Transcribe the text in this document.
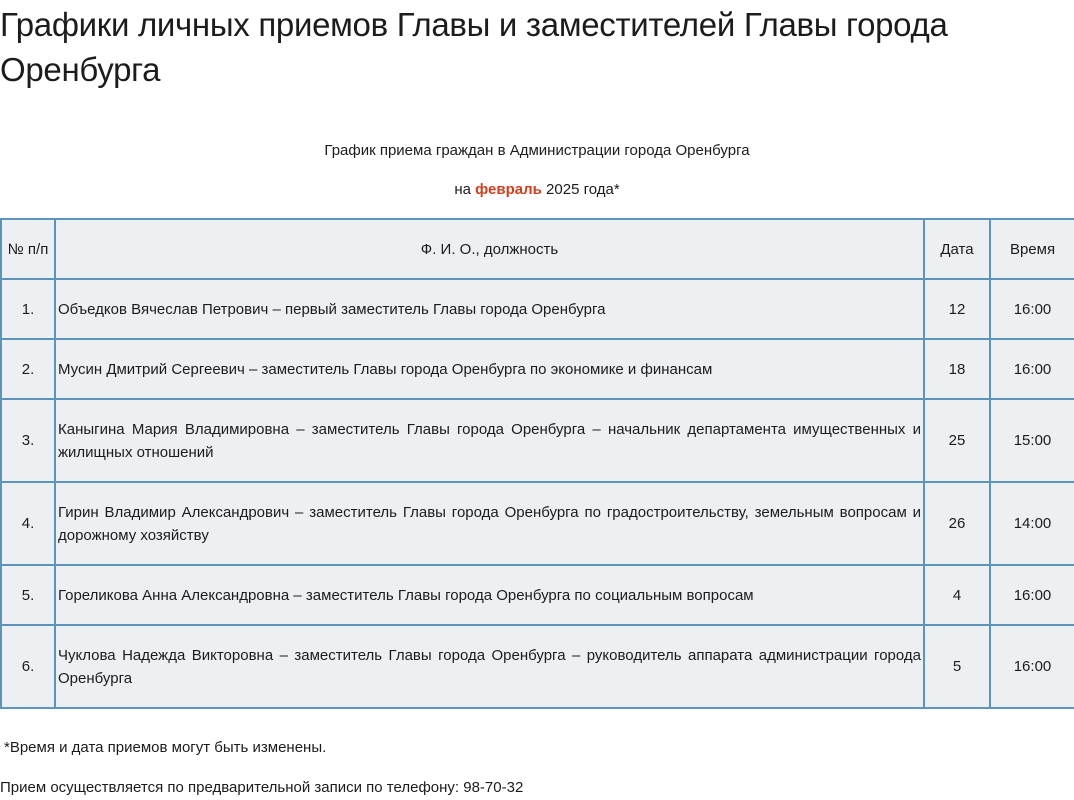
Графики личных приемов Главы и заместителей Главы города Оренбурга
График приема граждан в Администрации города Оренбурга
на февраль 2025 года*
№ п/п	Ф. И. О., должность	Дата	Время
1.	Объедков Вячеслав Петрович – первый заместитель Главы города Оренбурга	12	16:00
2.	Мусин Дмитрий Сергеевич – заместитель Главы города Оренбурга по экономике и финансам	18	16:00
3.	Каныгина Мария Владимировна – заместитель Главы города Оренбурга – начальник департамента имущественных и жилищных отношений	25	15:00
4.	Гирин Владимир Александрович – заместитель Главы города Оренбурга по градостроительству, земельным вопросам и дорожному хозяйству	26	14:00
5.	Гореликова Анна Александровна – заместитель Главы города Оренбурга по социальным вопросам	4	16:00
6.	Чуклова Надежда Викторовна – заместитель Главы города Оренбурга – руководитель аппарата администрации города Оренбурга	5	16:00
*Время и дата приемов могут быть изменены.
Прием осуществляется по предварительной записи по телефону: 98-70-32
